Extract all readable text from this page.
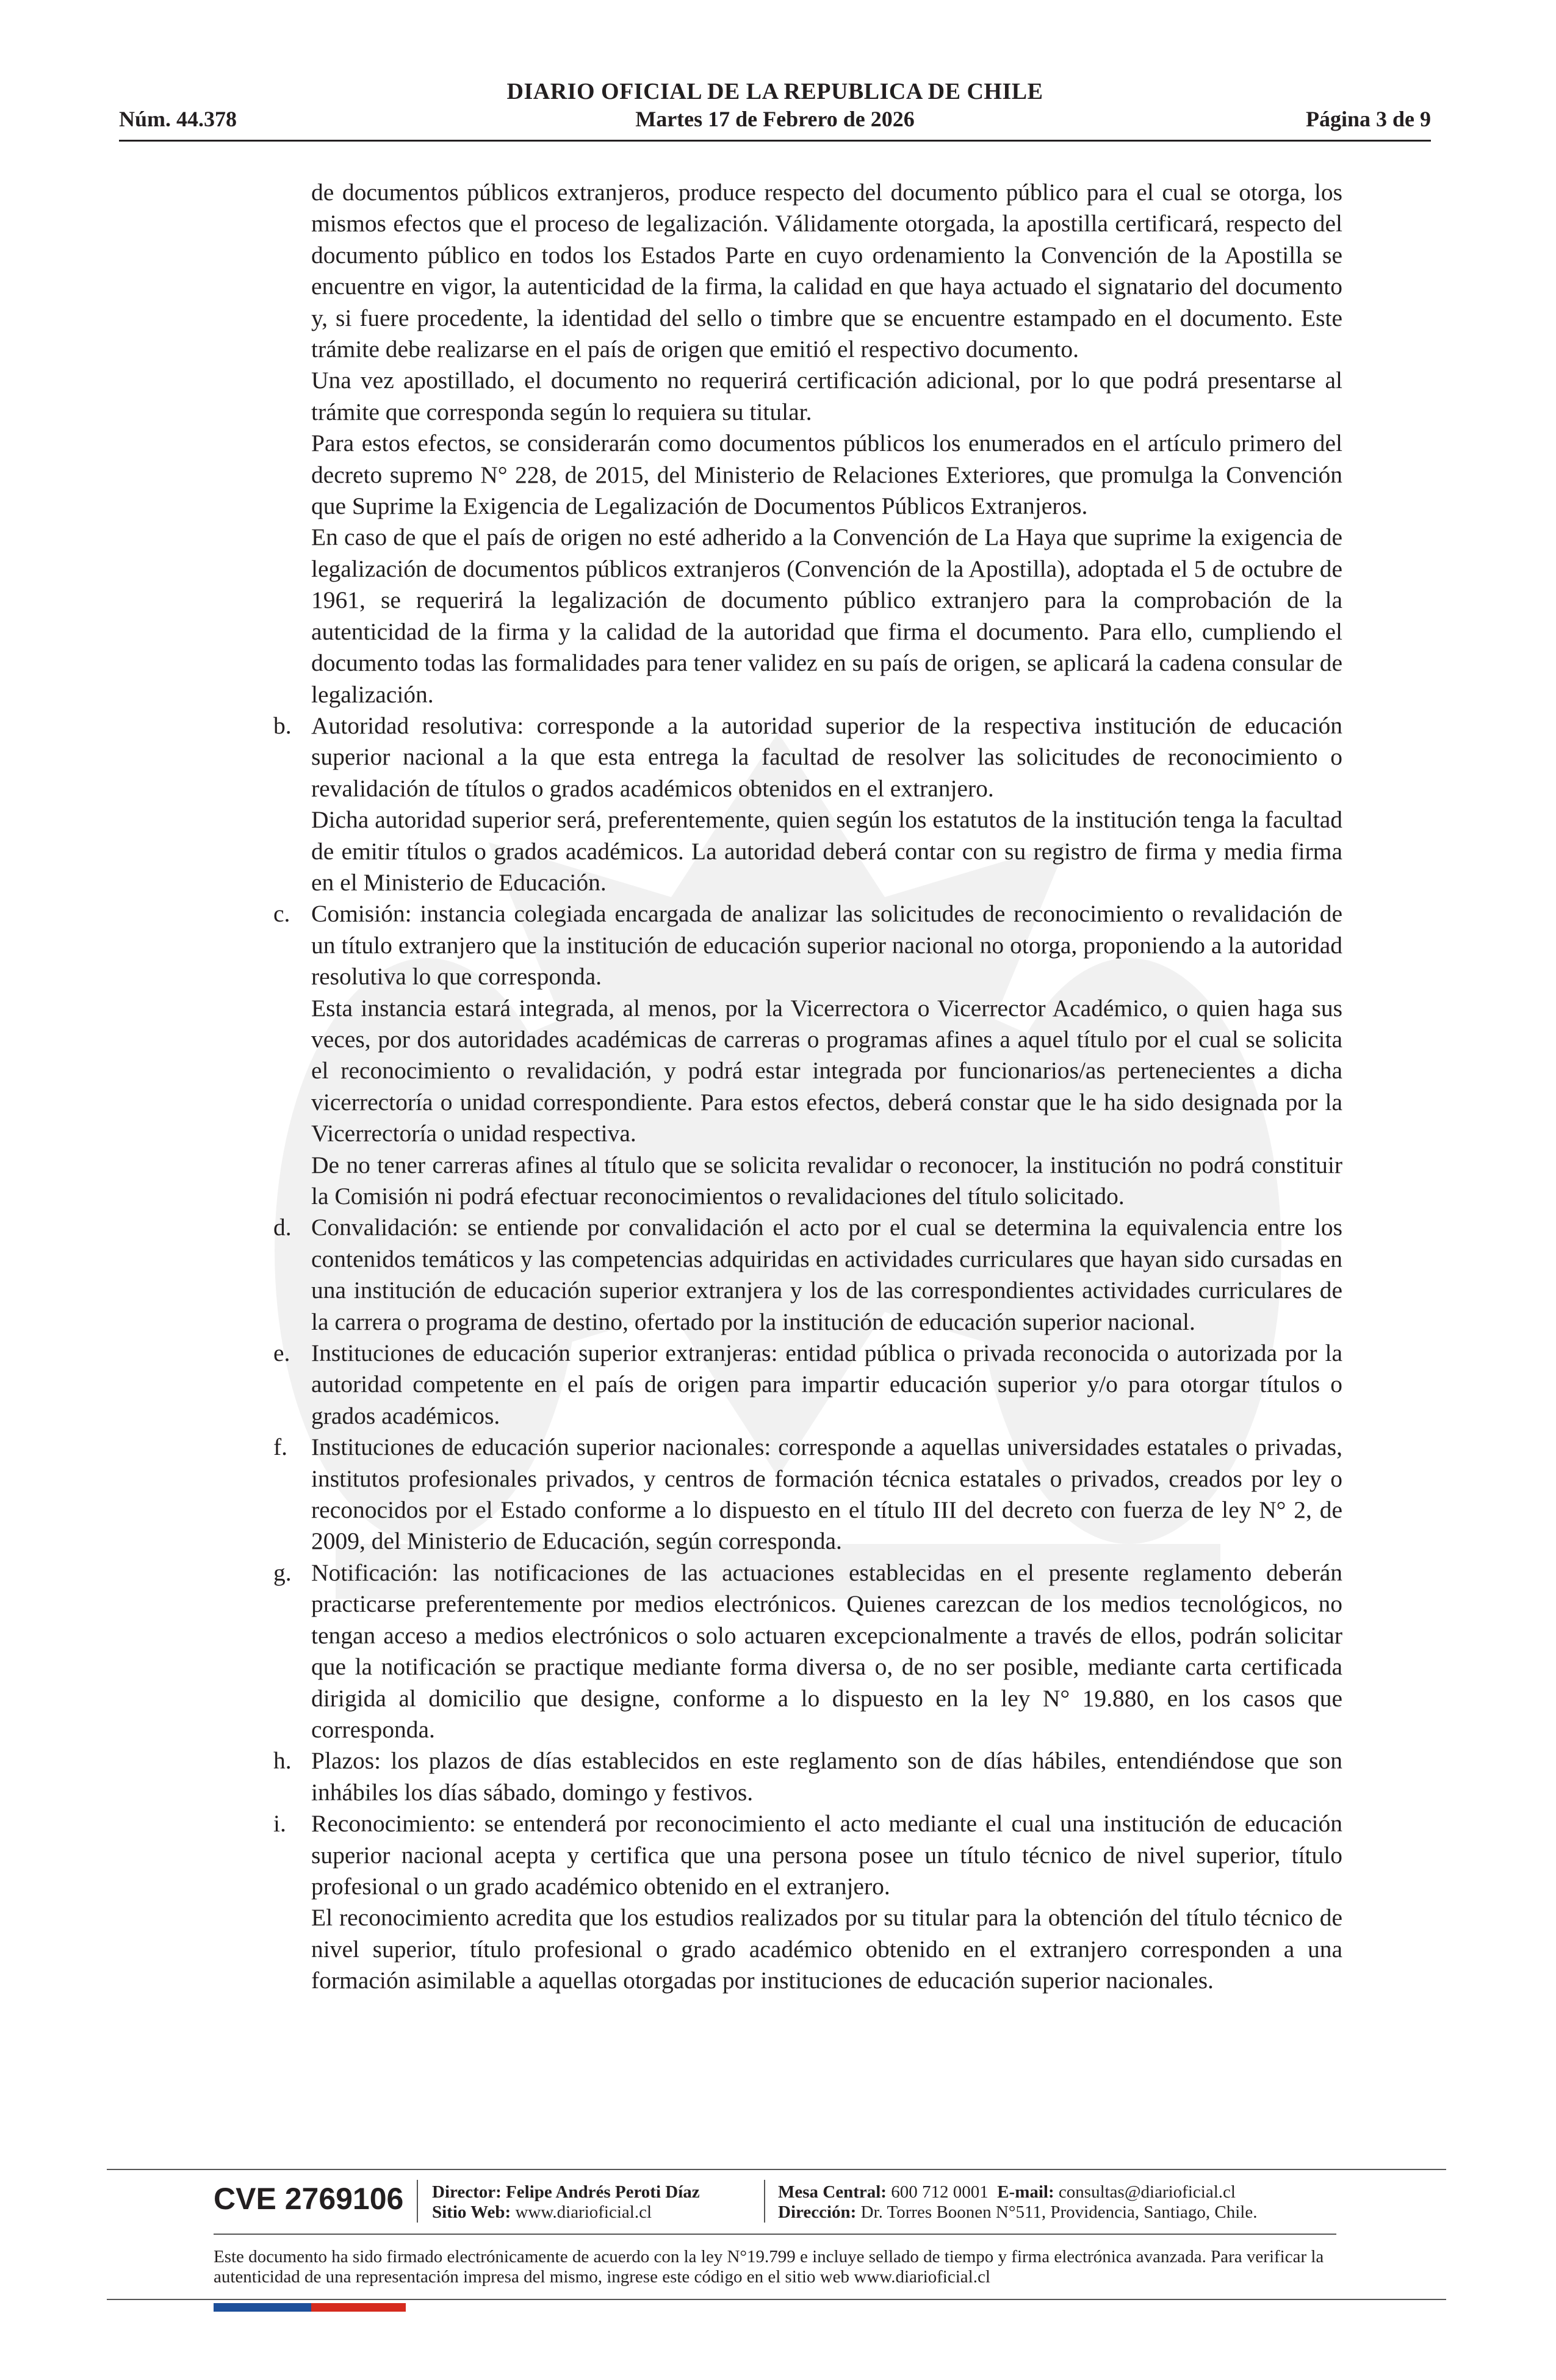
DIARIO OFICIAL DE LA REPUBLICA DE CHILE
Núm. 44.378	Martes 17 de Febrero de 2026	Página 3 de 9

de documentos públicos extranjeros, produce respecto del documento público para el cual se otorga, los mismos efectos que el proceso de legalización. Válidamente otorgada, la apostilla certificará, respecto del documento público en todos los Estados Parte en cuyo ordenamiento la Convención de la Apostilla se encuentre en vigor, la autenticidad de la firma, la calidad en que haya actuado el signatario del documento y, si fuere procedente, la identidad del sello o timbre que se encuentre estampado en el documento. Este trámite debe realizarse en el país de origen que emitió el respectivo documento.

Una vez apostillado, el documento no requerirá certificación adicional, por lo que podrá presentarse al trámite que corresponda según lo requiera su titular.

Para estos efectos, se considerarán como documentos públicos los enumerados en el artículo primero del decreto supremo N° 228, de 2015, del Ministerio de Relaciones Exteriores, que promulga la Convención que Suprime la Exigencia de Legalización de Documentos Públicos Extranjeros.

En caso de que el país de origen no esté adherido a la Convención de La Haya que suprime la exigencia de legalización de documentos públicos extranjeros (Convención de la Apostilla), adoptada el 5 de octubre de 1961, se requerirá la legalización de documento público extranjero para la comprobación de la autenticidad de la firma y la calidad de la autoridad que firma el documento. Para ello, cumpliendo el documento todas las formalidades para tener validez en su país de origen, se aplicará la cadena consular de legalización.

b. Autoridad resolutiva: corresponde a la autoridad superior de la respectiva institución de educación superior nacional a la que esta entrega la facultad de resolver las solicitudes de reconocimiento o revalidación de títulos o grados académicos obtenidos en el extranjero.

Dicha autoridad superior será, preferentemente, quien según los estatutos de la institución tenga la facultad de emitir títulos o grados académicos. La autoridad deberá contar con su registro de firma y media firma en el Ministerio de Educación.

c. Comisión: instancia colegiada encargada de analizar las solicitudes de reconocimiento o revalidación de un título extranjero que la institución de educación superior nacional no otorga, proponiendo a la autoridad resolutiva lo que corresponda.

Esta instancia estará integrada, al menos, por la Vicerrectora o Vicerrector Académico, o quien haga sus veces, por dos autoridades académicas de carreras o programas afines a aquel título por el cual se solicita el reconocimiento o revalidación, y podrá estar integrada por funcionarios/as pertenecientes a dicha vicerrectoría o unidad correspondiente. Para estos efectos, deberá constar que le ha sido designada por la Vicerrectoría o unidad respectiva.

De no tener carreras afines al título que se solicita revalidar o reconocer, la institución no podrá constituir la Comisión ni podrá efectuar reconocimientos o revalidaciones del título solicitado.

d. Convalidación: se entiende por convalidación el acto por el cual se determina la equivalencia entre los contenidos temáticos y las competencias adquiridas en actividades curriculares que hayan sido cursadas en una institución de educación superior extranjera y los de las correspondientes actividades curriculares de la carrera o programa de destino, ofertado por la institución de educación superior nacional.

e. Instituciones de educación superior extranjeras: entidad pública o privada reconocida o autorizada por la autoridad competente en el país de origen para impartir educación superior y/o para otorgar títulos o grados académicos.

f. Instituciones de educación superior nacionales: corresponde a aquellas universidades estatales o privadas, institutos profesionales privados, y centros de formación técnica estatales o privados, creados por ley o reconocidos por el Estado conforme a lo dispuesto en el título III del decreto con fuerza de ley N° 2, de 2009, del Ministerio de Educación, según corresponda.

g. Notificación: las notificaciones de las actuaciones establecidas en el presente reglamento deberán practicarse preferentemente por medios electrónicos. Quienes carezcan de los medios tecnológicos, no tengan acceso a medios electrónicos o solo actuaren excepcionalmente a través de ellos, podrán solicitar que la notificación se practique mediante forma diversa o, de no ser posible, mediante carta certificada dirigida al domicilio que designe, conforme a lo dispuesto en la ley N° 19.880, en los casos que corresponda.

h. Plazos: los plazos de días establecidos en este reglamento son de días hábiles, entendiéndose que son inhábiles los días sábado, domingo y festivos.

i. Reconocimiento: se entenderá por reconocimiento el acto mediante el cual una institución de educación superior nacional acepta y certifica que una persona posee un título técnico de nivel superior, título profesional o un grado académico obtenido en el extranjero.

El reconocimiento acredita que los estudios realizados por su titular para la obtención del título técnico de nivel superior, título profesional o grado académico obtenido en el extranjero corresponden a una formación asimilable a aquellas otorgadas por instituciones de educación superior nacionales.

CVE 2769106 Director: Felipe Andrés Peroti Díaz
Sitio Web: www.diarioficial.cl
Mesa Central: 600 712 0001 E-mail: consultas@diarioficial.cl
Dirección: Dr. Torres Boonen N°511, Providencia, Santiago, Chile.
Este documento ha sido firmado electrónicamente de acuerdo con la ley N°19.799 e incluye sellado de tiempo y firma electrónica avanzada. Para verificar la autenticidad de una representación impresa del mismo, ingrese este código en el sitio web www.diarioficial.cl
